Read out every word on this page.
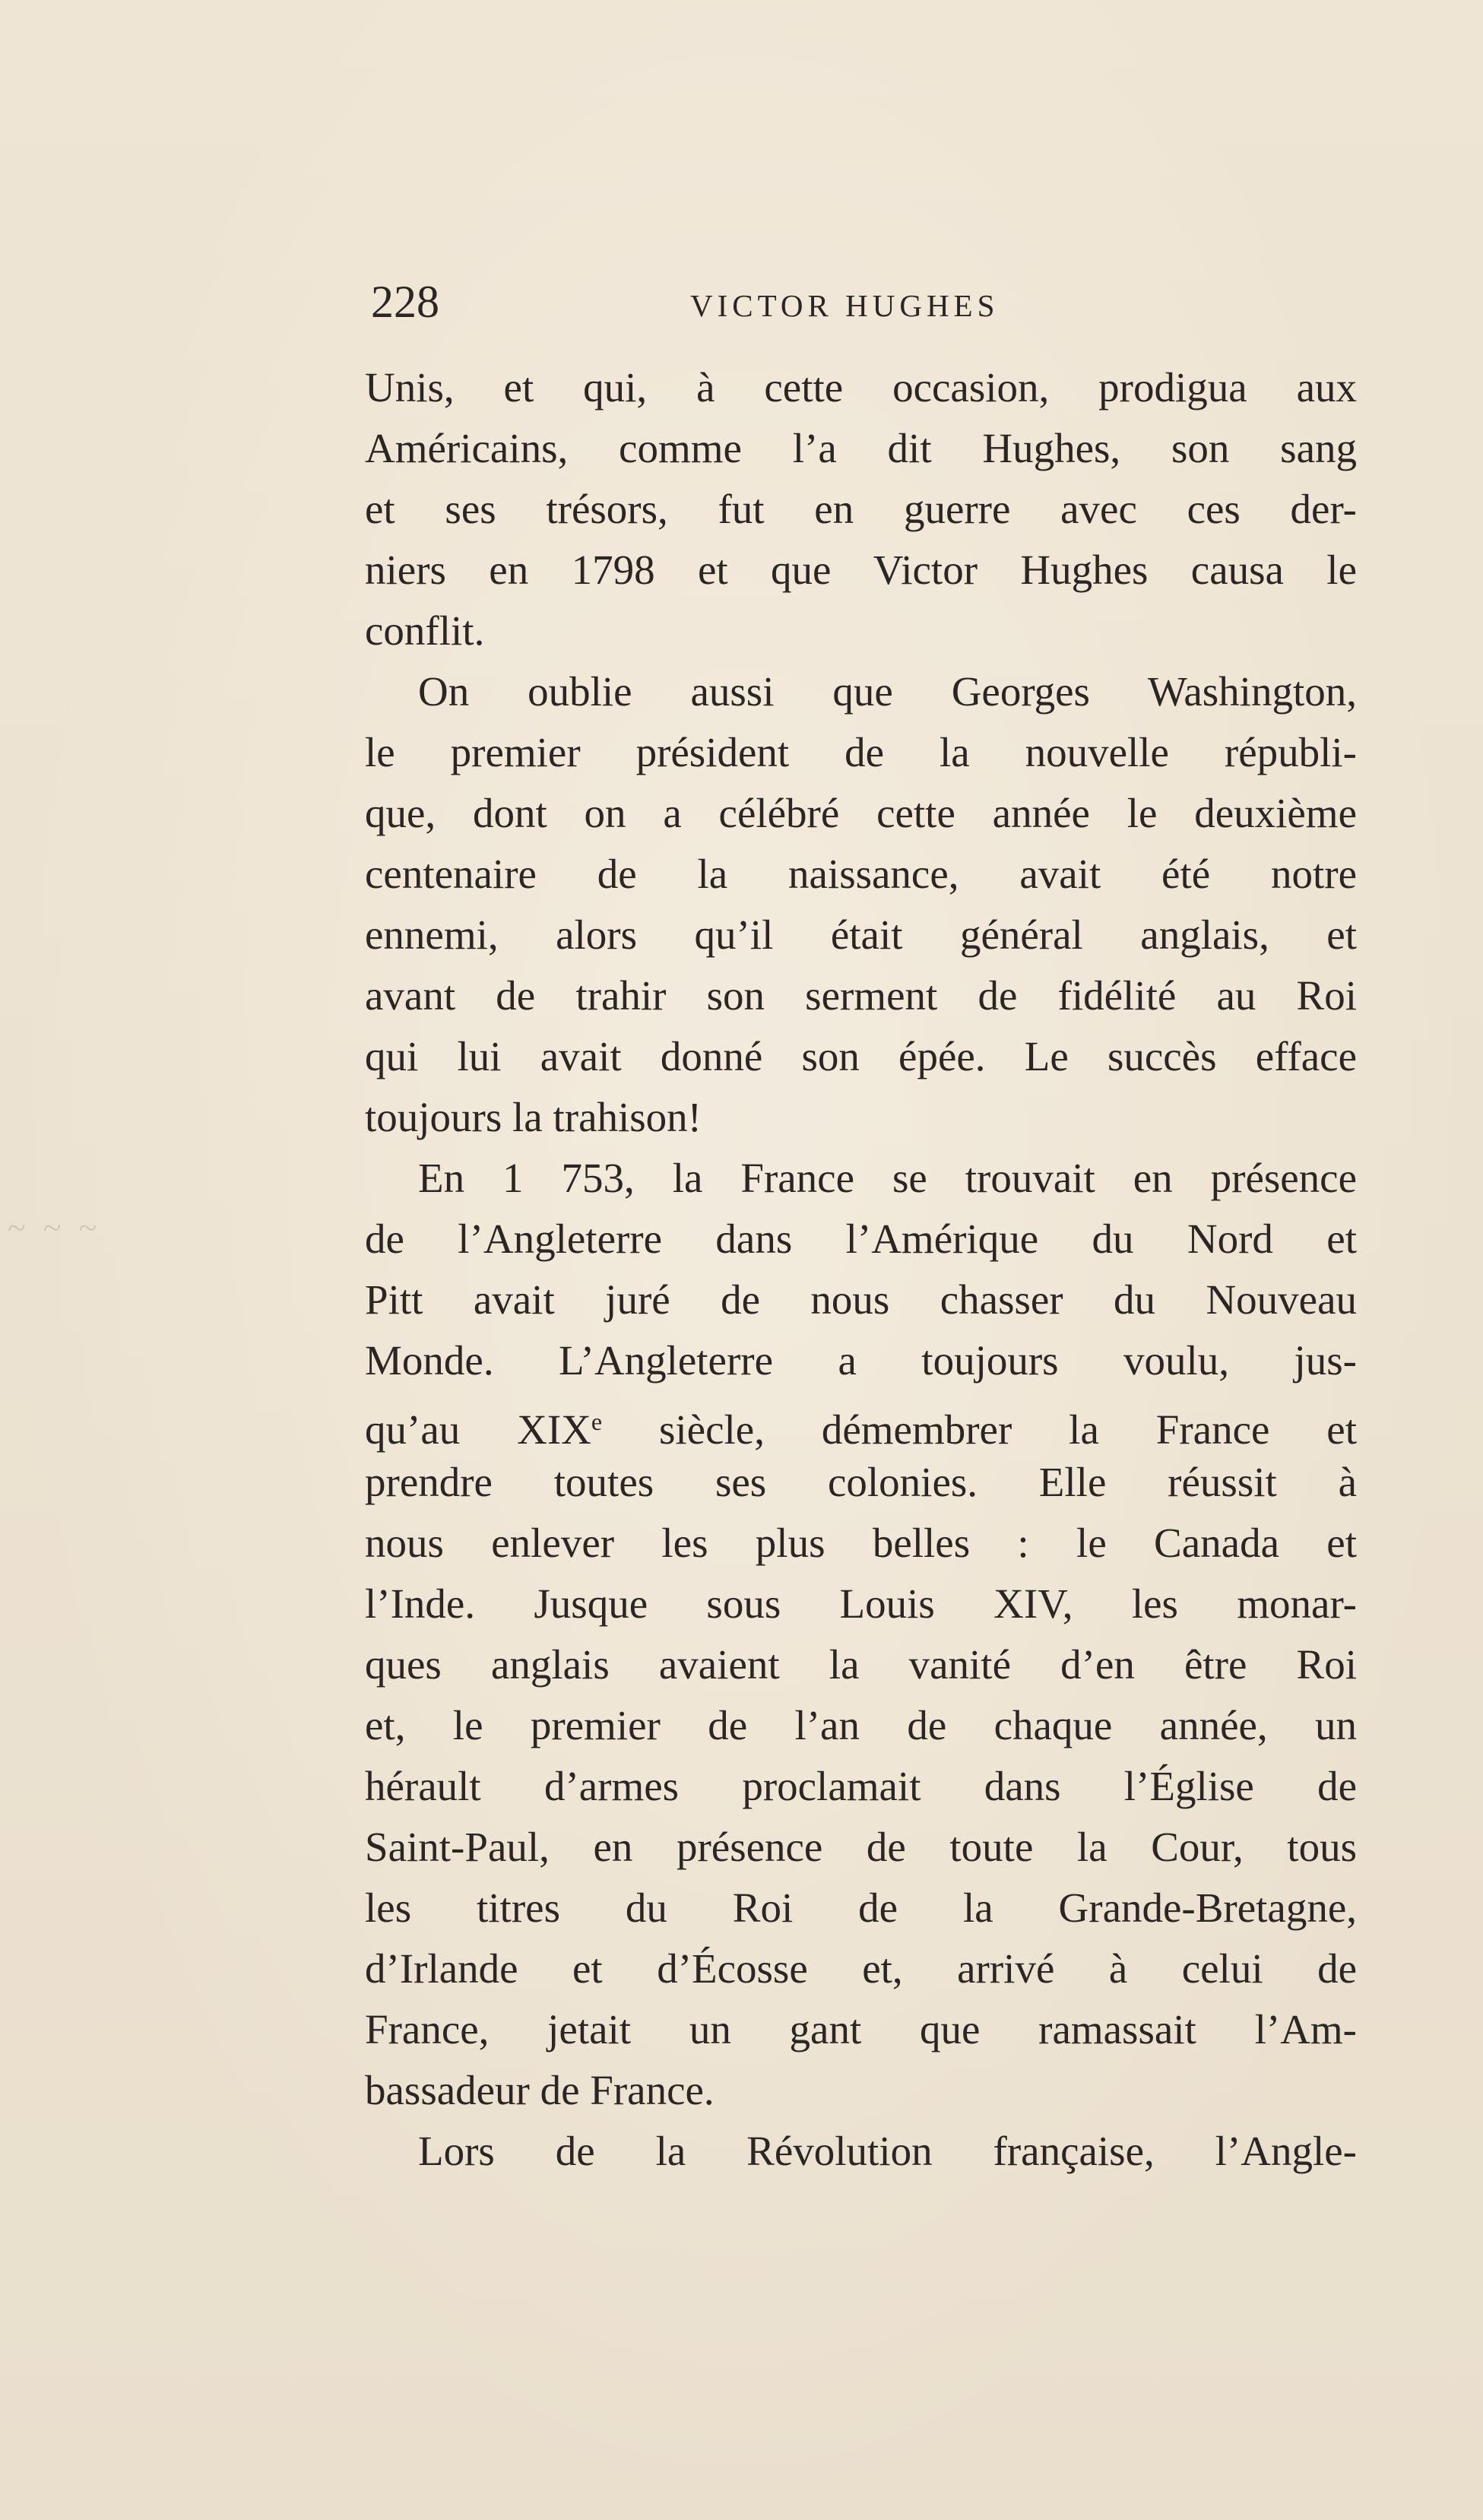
~ ~ ~
228	VICTOR HUGHES
Unis, et qui, à cette occasion, prodigua aux
Américains, comme l’a dit Hughes, son sang
et ses trésors, fut en guerre avec ces der-
niers en 1798 et que Victor Hughes causa le
conflit.
On oublie aussi que Georges Washington,
le premier président de la nouvelle républi-
que, dont on a célébré cette année le deuxième
centenaire de la naissance, avait été notre
ennemi, alors qu’il était général anglais, et
avant de trahir son serment de fidélité au Roi
qui lui avait donné son épée. Le succès efface
toujours la trahison!
En 1 753, la France se trouvait en présence
de l’Angleterre dans l’Amérique du Nord et
Pitt avait juré de nous chasser du Nouveau
Monde. L’Angleterre a toujours voulu, jus-
qu’au XIXe siècle, démembrer la France et
prendre toutes ses colonies. Elle réussit à
nous enlever les plus belles : le Canada et
l’Inde. Jusque sous Louis XIV, les monar-
ques anglais avaient la vanité d’en être Roi
et, le premier de l’an de chaque année, un
hérault d’armes proclamait dans l’Église de
Saint-Paul, en présence de toute la Cour, tous
les titres du Roi de la Grande-Bretagne,
d’Irlande et d’Écosse et, arrivé à celui de
France, jetait un gant que ramassait l’Am-
bassadeur de France.
Lors de la Révolution française, l’Angle-
